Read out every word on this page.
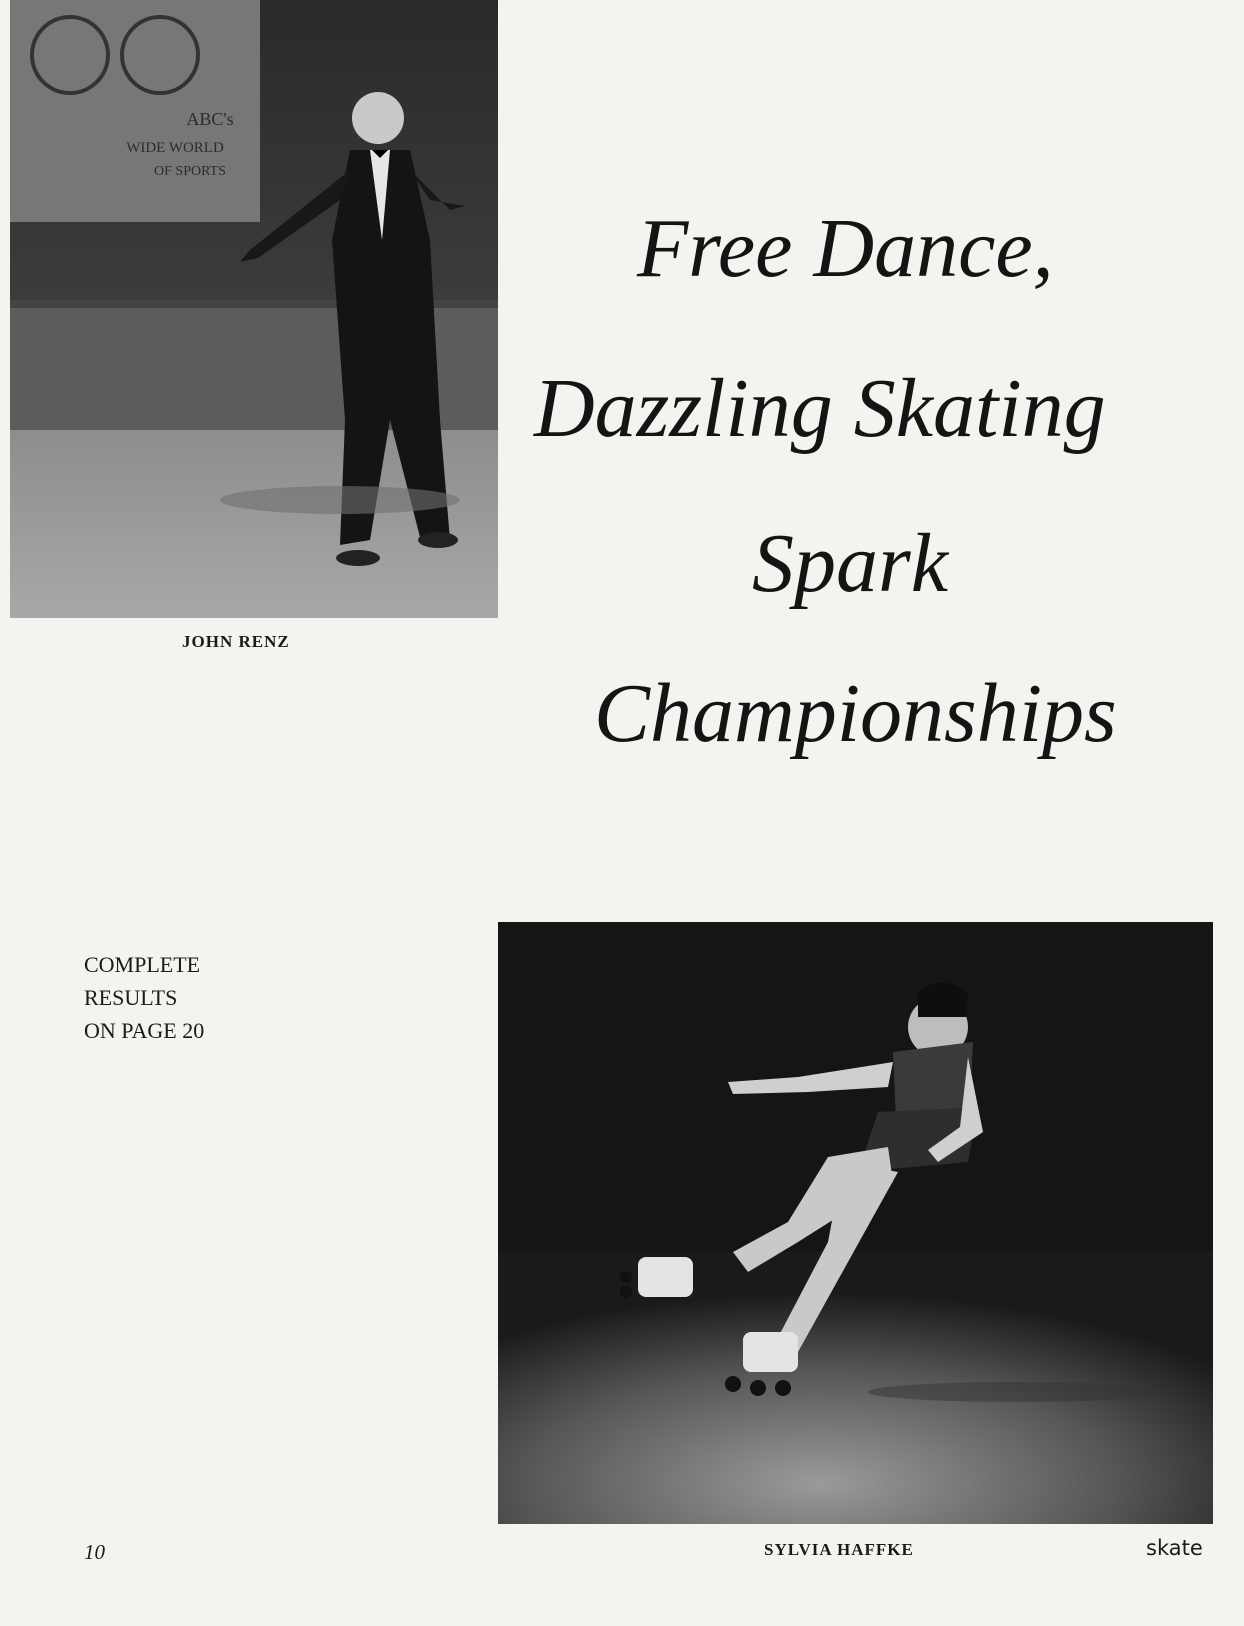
ABC's
WIDE WORLD
OF SPORTS
JOHN RENZ
Free Dance,
Dazzling Skating
Spark
Championships
COMPLETE
RESULTS
ON PAGE 20
SYLVIA HAFFKE
10	skate
